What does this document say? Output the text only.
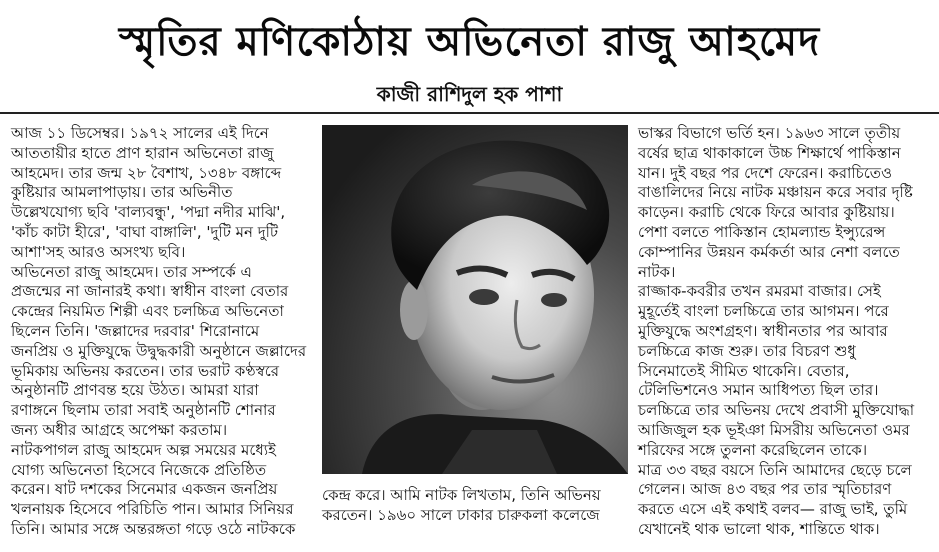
স্মৃতির মণিকোঠায় অভিনেতা রাজু আহমেদ
কাজী রাশিদুল হক পাশা
আজ ১১ ডিসেম্বর। ১৯৭২ সালের এই দিনে
আততায়ীর হাতে প্রাণ হারান অভিনেতা রাজু
আহমেদ। তার জন্ম ২৮ বৈশাখ, ১৩৪৮ বঙ্গাব্দে
কুষ্টিয়ার আমলাপাড়ায়। তার অভিনীত
উল্লেখযোগ্য ছবি 'বাল্যবন্ধু', 'পদ্মা নদীর মাঝি',
'কাঁচ কাটা হীরে', 'বাঘা বাঙ্গালি', 'দুটি মন দুটি
আশা'সহ আরও অসংখ্য ছবি।
অভিনেতা রাজু আহমেদ। তার সম্পর্কে এ
প্রজন্মের না জানারই কথা। স্বাধীন বাংলা বেতার
কেন্দ্রের নিয়মিত শিল্পী এবং চলচ্চিত্র অভিনেতা
ছিলেন তিনি। 'জল্লাদের দরবার' শিরোনামে
জনপ্রিয় ও মুক্তিযুদ্ধে উদ্বুদ্ধকারী অনুষ্ঠানে জল্লাদের
ভূমিকায় অভিনয় করতেন। তার ভরাট কণ্ঠস্বরে
অনুষ্ঠানটি প্রাণবন্ত হয়ে উঠত। আমরা যারা
রণাঙ্গনে ছিলাম তারা সবাই অনুষ্ঠানটি শোনার
জন্য অধীর আগ্রহে অপেক্ষা করতাম।
নাটকপাগল রাজু আহমেদ অল্প সময়ের মধ্যেই
যোগ্য অভিনেতা হিসেবে নিজেকে প্রতিষ্ঠিত
করেন। ষাট দশকের সিনেমার একজন জনপ্রিয়
খলনায়ক হিসেবে পরিচিতি পান। আমার সিনিয়র
তিনি। আমার সঙ্গে অন্তরঙ্গতা গড়ে ওঠে নাটককে
কেন্দ্র করে। আমি নাটক লিখতাম, তিনি অভিনয়
করতেন। ১৯৬০ সালে ঢাকার চারুকলা কলেজে
ভাস্কর বিভাগে ভর্তি হন। ১৯৬৩ সালে তৃতীয়
বর্ষের ছাত্র থাকাকালে উচ্চ শিক্ষার্থে পাকিস্তান
যান। দুই বছর পর দেশে ফেরেন। করাচিতেও
বাঙালিদের নিয়ে নাটক মঞ্চায়ন করে সবার দৃষ্টি
কাড়েন। করাচি থেকে ফিরে আবার কুষ্টিয়ায়।
পেশা বলতে পাকিস্তান হোমল্যান্ড ইন্স্যুরেন্স
কোম্পানির উন্নয়ন কর্মকর্তা আর নেশা বলতে
নাটক।
রাজ্জাক-কবরীর তখন রমরমা বাজার। সেই
মুহূর্তেই বাংলা চলচ্চিত্রে তার আগমন। পরে
মুক্তিযুদ্ধে অংশগ্রহণ। স্বাধীনতার পর আবার
চলচ্চিত্রে কাজ শুরু। তার বিচরণ শুধু
সিনেমাতেই সীমিত থাকেনি। বেতার,
টেলিভিশনেও সমান আধিপত্য ছিল তার।
চলচ্চিত্রে তার অভিনয় দেখে প্রবাসী মুক্তিযোদ্ধা
আজিজুল হক ভূইঞা মিসরীয় অভিনেতা ওমর
শরিফের সঙ্গে তুলনা করেছিলেন তাকে।
মাত্র ৩৩ বছর বয়সে তিনি আমাদের ছেড়ে চলে
গেলেন। আজ ৪৩ বছর পর তার স্মৃতিচারণ
করতে এসে এই কথাই বলব— রাজু ভাই, তুমি
যেখানেই থাক ভালো থাক, শান্তিতে থাক।
